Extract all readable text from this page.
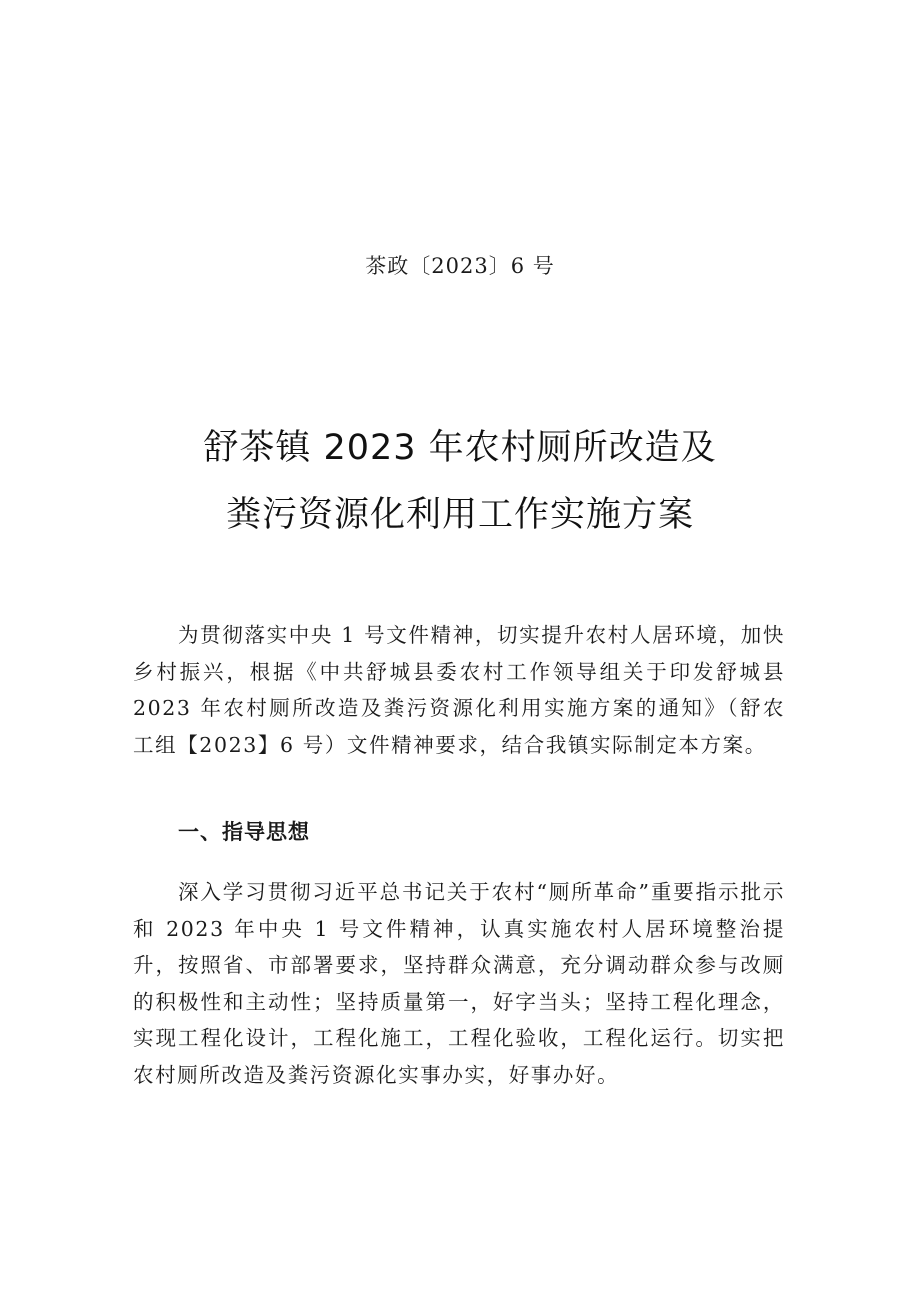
茶政〔2023〕6 号
舒茶镇 2023 年农村厕所改造及
粪污资源化利用工作实施方案
为贯彻落实中央 1 号文件精神，切实提升农村人居环境，加快乡村振兴，根据《中共舒城县委农村工作领导组关于印发舒城县 2023 年农村厕所改造及粪污资源化利用实施方案的通知》（舒农工组【2023】6 号）文件精神要求，结合我镇实际制定本方案。
一、指导思想
深入学习贯彻习近平总书记关于农村“厕所革命”重要指示批示和 2023 年中央 1 号文件精神，认真实施农村人居环境整治提升，按照省、市部署要求，坚持群众满意，充分调动群众参与改厕的积极性和主动性；坚持质量第一，好字当头；坚持工程化理念，实现工程化设计，工程化施工，工程化验收，工程化运行。切实把农村厕所改造及粪污资源化实事办实，好事办好。
